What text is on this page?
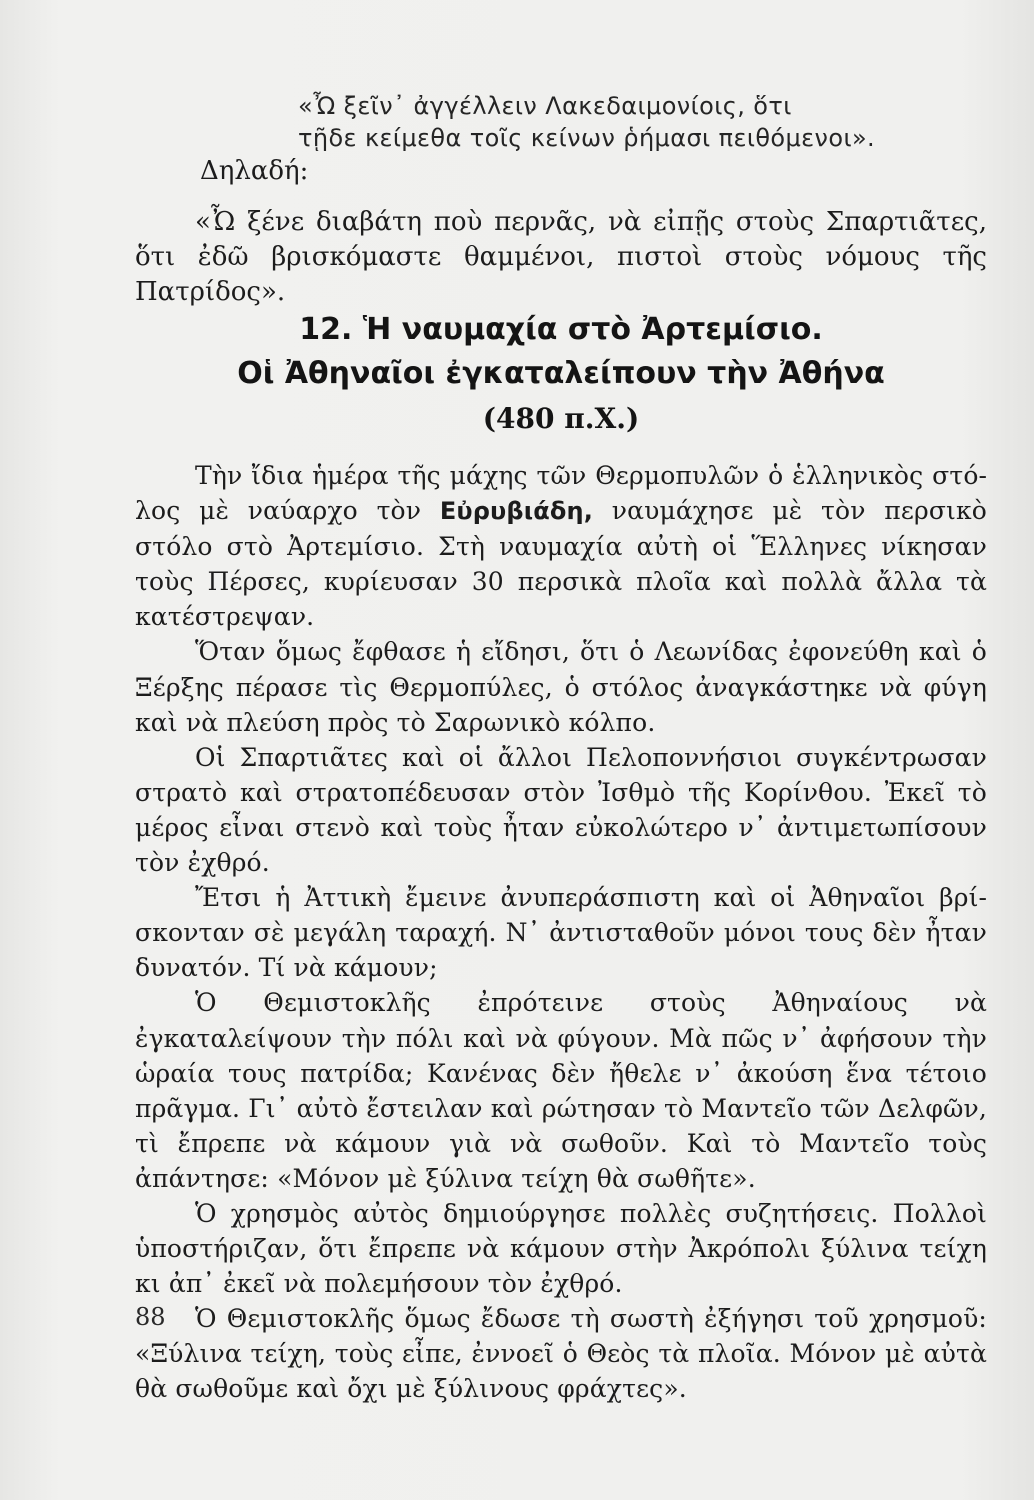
«Ὦ ξεῖν᾽ ἀγγέλλειν Λακεδαιμονίοις, ὅτι
τῇδε κείμεθα τοῖς κείνων ῥήμασι πειθόμενοι».
Δηλαδή:

«Ὦ ξένε διαβάτη ποὺ περνᾶς, νὰ εἰπῇς στοὺς Σπαρτιᾶτες, ὅτι ἐδῶ βρισκόμαστε θαμμένοι, πιστοὶ στοὺς νόμους τῆς Πατρίδος».

12. Ἡ ναυμαχία στὸ Ἀρτεμίσιο.
Οἱ Ἀθηναῖοι ἐγκαταλείπουν τὴν Ἀθήνα
(480 π.Χ.)

Τὴν ἴδια ἡμέρα τῆς μάχης τῶν Θερμοπυλῶν ὁ ἑλληνικὸς στόλος μὲ ναύαρχο τὸν Εὐρυβιάδη, ναυμάχησε μὲ τὸν περσικὸ στόλο στὸ Ἀρτεμίσιο. Στὴ ναυμαχία αὐτὴ οἱ Ἕλληνες νίκησαν τοὺς Πέρσες, κυρίευσαν 30 περσικὰ πλοῖα καὶ πολλὰ ἄλλα τὰ κατέστρεψαν.

Ὅταν ὅμως ἔφθασε ἡ εἴδησι, ὅτι ὁ Λεωνίδας ἐφονεύθη καὶ ὁ Ξέρξης πέρασε τὶς Θερμοπύλες, ὁ στόλος ἀναγκάστηκε νὰ φύγη καὶ νὰ πλεύση πρὸς τὸ Σαρωνικὸ κόλπο.

Οἱ Σπαρτιᾶτες καὶ οἱ ἄλλοι Πελοποννήσιοι συγκέντρωσαν στρατὸ καὶ στρατοπέδευσαν στὸν Ἰσθμὸ τῆς Κορίνθου. Ἐκεῖ τὸ μέρος εἶναι στενὸ καὶ τοὺς ἦταν εὐκολώτερο ν᾽ ἀντιμετωπίσουν τὸν ἐχθρό.

Ἔτσι ἡ Ἀττικὴ ἔμεινε ἀνυπεράσπιστη καὶ οἱ Ἀθηναῖοι βρίσκονταν σὲ μεγάλη ταραχή. Ν᾽ ἀντισταθοῦν μόνοι τους δὲν ἦταν δυνατόν. Τί νὰ κάμουν;

Ὁ Θεμιστοκλῆς ἐπρότεινε στοὺς Ἀθηναίους νὰ ἐγκαταλείψουν τὴν πόλι καὶ νὰ φύγουν. Μὰ πῶς ν᾽ ἀφήσουν τὴν ὡραία τους πατρίδα; Κανένας δὲν ἤθελε ν᾽ ἀκούση ἕνα τέτοιο πρᾶγμα. Γι᾽ αὐτὸ ἔστειλαν καὶ ρώτησαν τὸ Μαντεῖο τῶν Δελφῶν, τὶ ἔπρεπε νὰ κάμουν γιὰ νὰ σωθοῦν. Καὶ τὸ Μαντεῖο τοὺς ἀπάντησε: «Μόνον μὲ ξύλινα τείχη θὰ σωθῆτε».

Ὁ χρησμὸς αὐτὸς δημιούργησε πολλὲς συζητήσεις. Πολλοὶ ὑποστήριζαν, ὅτι ἔπρεπε νὰ κάμουν στὴν Ἀκρόπολι ξύλινα τείχη κι ἀπ᾽ ἐκεῖ νὰ πολεμήσουν τὸν ἐχθρό.

Ὁ Θεμιστοκλῆς ὅμως ἔδωσε τὴ σωστὴ ἐξήγησι τοῦ χρησμοῦ: «Ξύλινα τείχη, τοὺς εἶπε, ἐννοεῖ ὁ Θεὸς τὰ πλοῖα. Μόνον μὲ αὐτὰ θὰ σωθοῦμε καὶ ὄχι μὲ ξύλινους φράχτες».

88
